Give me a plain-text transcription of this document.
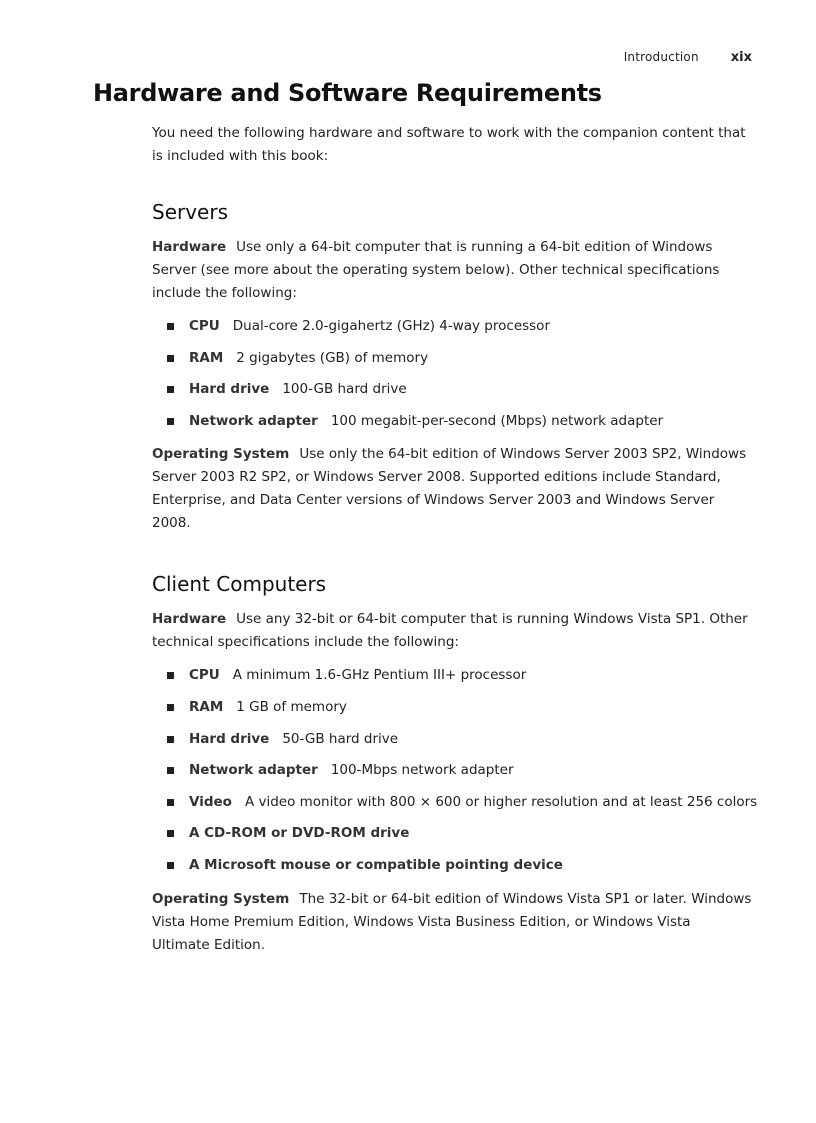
Introduction xix
Hardware and Software Requirements

You need the following hardware and software to work with the companion content that is included with this book:

Servers

Hardware Use only a 64-bit computer that is running a 64-bit edition of Windows Server (see more about the operating system below). Other technical specifications include the following:

CPU Dual-core 2.0-gigahertz (GHz) 4-way processor
RAM 2 gigabytes (GB) of memory
Hard drive 100-GB hard drive
Network adapter 100 megabit-per-second (Mbps) network adapter

Operating System Use only the 64-bit edition of Windows Server 2003 SP2, Windows Server 2003 R2 SP2, or Windows Server 2008. Supported editions include Standard, Enterprise, and Data Center versions of Windows Server 2003 and Windows Server 2008.

Client Computers

Hardware Use any 32-bit or 64-bit computer that is running Windows Vista SP1. Other technical specifications include the following:

CPU A minimum 1.6-GHz Pentium III+ processor
RAM 1 GB of memory
Hard drive 50-GB hard drive
Network adapter 100-Mbps network adapter
Video A video monitor with 800 × 600 or higher resolution and at least 256 colors
A CD-ROM or DVD-ROM drive
A Microsoft mouse or compatible pointing device

Operating System The 32-bit or 64-bit edition of Windows Vista SP1 or later. Windows Vista Home Premium Edition, Windows Vista Business Edition, or Windows Vista Ultimate Edition.
